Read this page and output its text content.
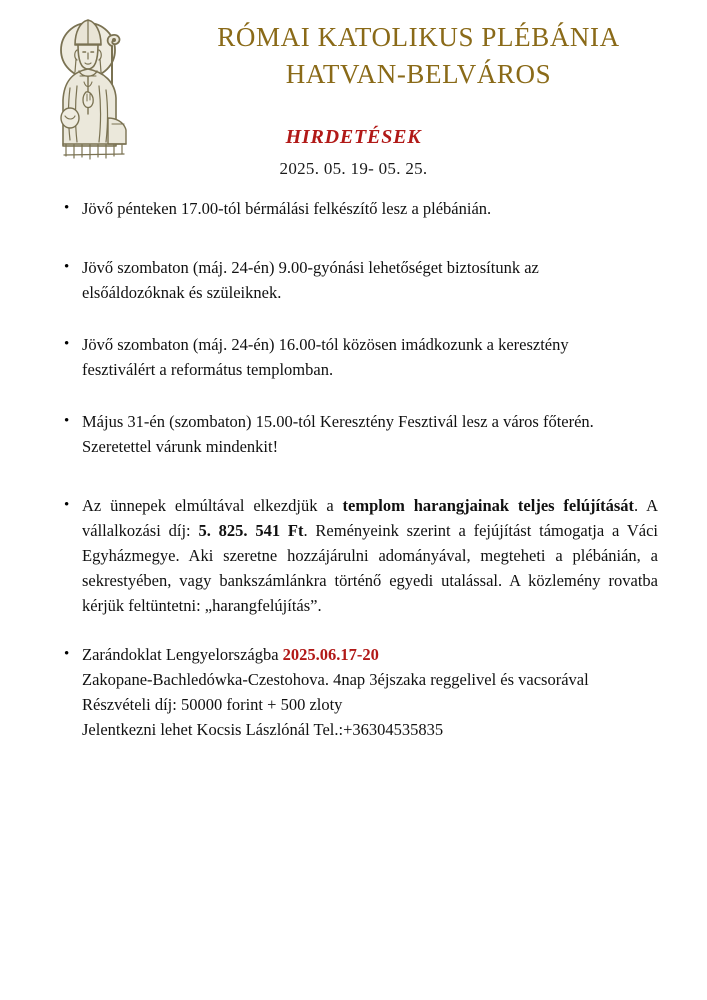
RÓMAI KATOLIKUS PLÉBÁNIA
HATVAN-BELVÁROS
HIRDETÉSEK
2025. 05. 19- 05. 25.

• Jövő pénteken 17.00-tól bérmálási felkészítő lesz a plébánián.

• Jövő szombaton (máj. 24-én) 9.00-gyónási lehetőséget biztosítunk az

elsőáldozóknak és szüleiknek.

• Jövő szombaton (máj. 24-én) 16.00-tól közösen imádkozunk a keresztény

fesztiválért a református templomban.

• Május 31-én (szombaton) 15.00-tól Keresztény Fesztivál lesz a város főterén.

Szeretettel várunk mindenkit!

• Az ünnepek elmúltával elkezdjük a templom harangjainak teljes felújítását. A vállalkozási díj: 5. 825. 541 Ft. Reményeink szerint a fejújítást támogatja a Váci Egyházmegye. Aki szeretne hozzájárulni adományával, megteheti a plébánián, a sekrestyében, vagy bankszámlánkra történő egyedi utalással. A közlemény rovatba kérjük feltüntetni: „harangfelújítás”.

• Zarándoklat Lengyelországba 2025.06.17-20

Zakopane-Bachledówka-Czestohova. 4nap 3éjszaka reggelivel és vacsorával

Részvételi díj: 50000 forint + 500 zloty

Jelentkezni lehet Kocsis Lászlónál Tel.:+36304535835
